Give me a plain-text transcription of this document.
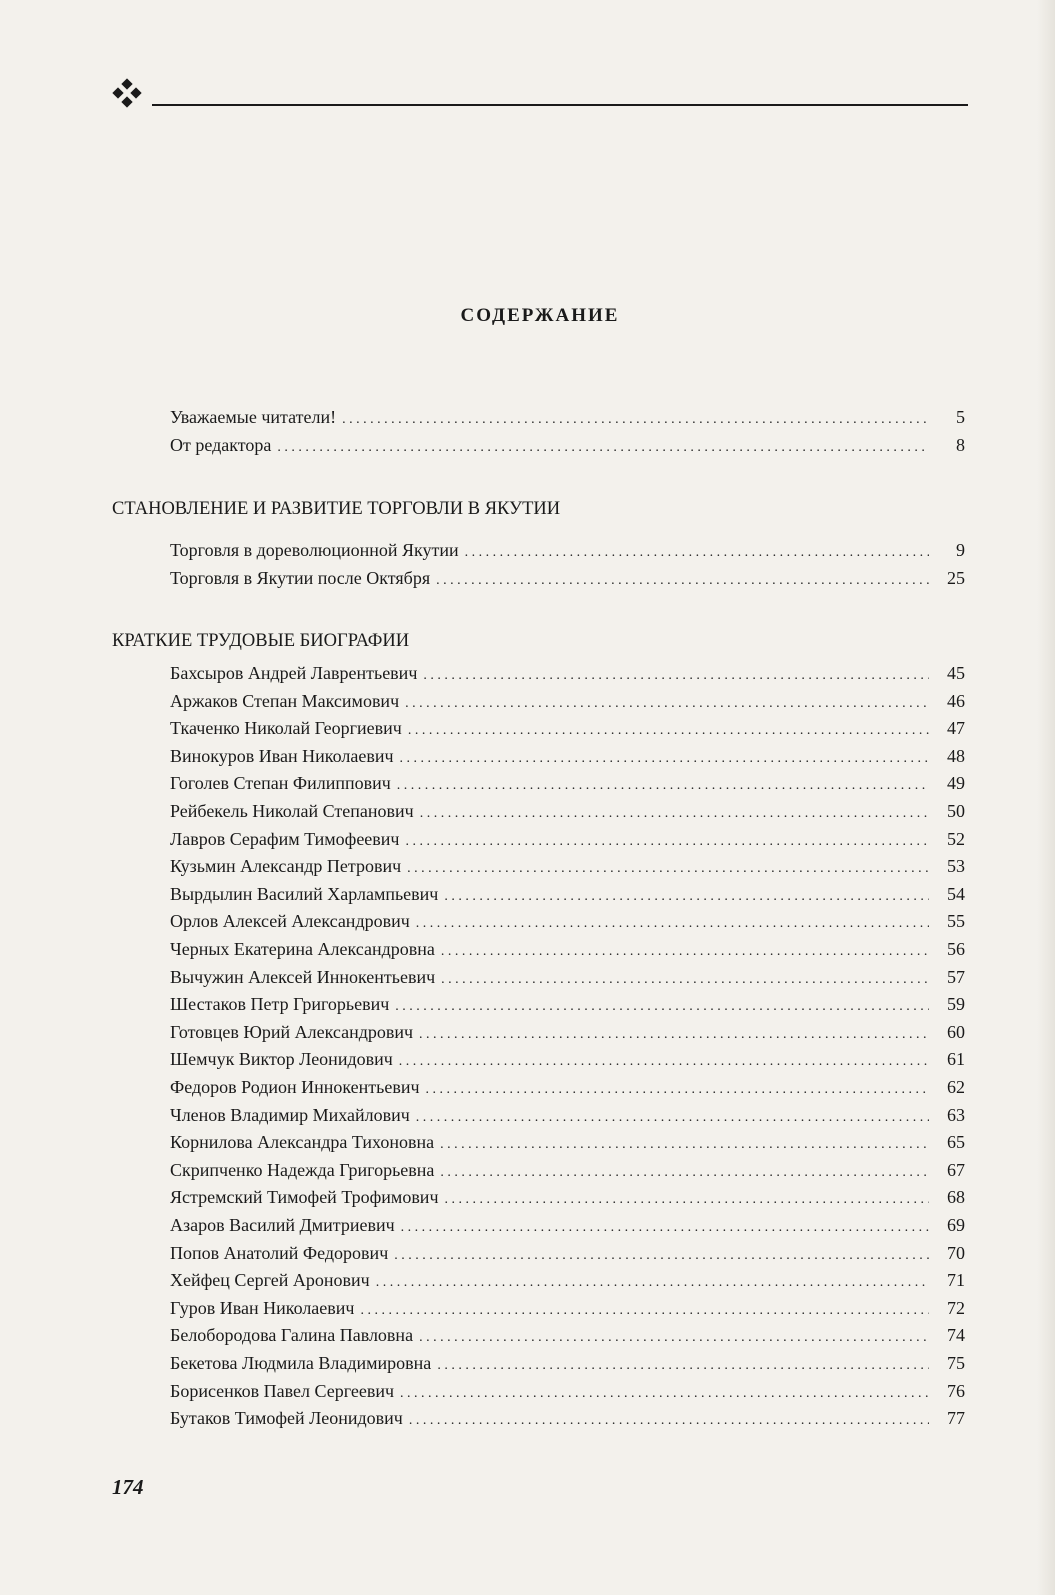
СОДЕРЖАНИЕ
Уважаемые читатели! . . .	5
От редактора . . .	8
СТАНОВЛЕНИЕ И РАЗВИТИЕ ТОРГОВЛИ В ЯКУТИИ
Торговля в дореволюционной Якутии . . .	9
Торговля в Якутии после Октября . . .	25
КРАТКИЕ ТРУДОВЫЕ БИОГРАФИИ
Бахсыров Андрей Лаврентьевич . . .	45
Аржаков Степан Максимович . . .	46
Ткаченко Николай Георгиевич . . .	47
Винокуров Иван Николаевич . . .	48
Гоголев Степан Филиппович . . .	49
Рейбекель Николай Степанович . . .	50
Лавров Серафим Тимофеевич . . .	52
Кузьмин Александр Петрович . . .	53
Вырдылин Василий Харлампьевич . . .	54
Орлов Алексей Александрович . . .	55
Черных Екатерина Александровна . . .	56
Вычужин Алексей Иннокентьевич . . .	57
Шестаков Петр Григорьевич . . .	59
Готовцев Юрий Александрович . . .	60
Шемчук Виктор Леонидович . . .	61
Федоров Родион Иннокентьевич . . .	62
Членов Владимир Михайлович . . .	63
Корнилова Александра Тихоновна . . .	65
Скрипченко Надежда Григорьевна . . .	67
Ястремский Тимофей Трофимович . . .	68
Азаров Василий Дмитриевич . . .	69
Попов Анатолий Федорович . . .	70
Хейфец Сергей Аронович . . .	71
Гуров Иван Николаевич . . .	72
Белобородова Галина Павловна . . .	74
Бекетова Людмила Владимировна . . .	75
Борисенков Павел Сергеевич . . .	76
Бутаков Тимофей Леонидович . . .	77
174
